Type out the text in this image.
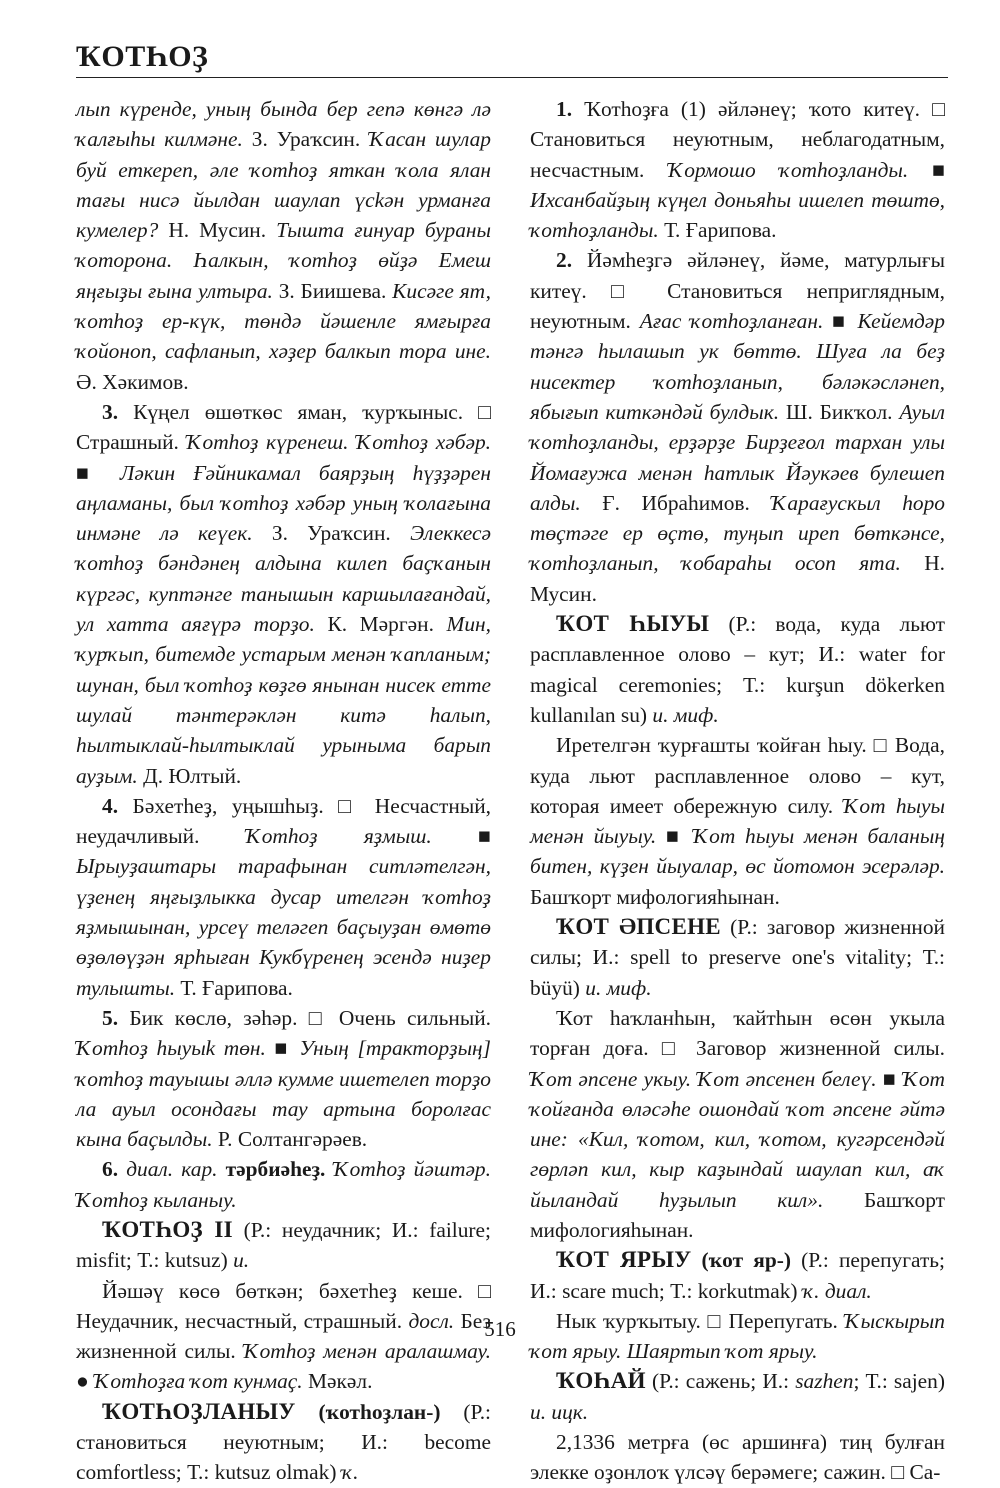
ҠОТҺОҘ

лып күрендe, уның бында бер гenә көнгә лә ҡалғыһы килмәне. З. Ураҡсин. Ҡасан шулар буй еткереп, әле ҡотһоҙ яткан ҡола ялан тағы нисә йылдан шаулап үсkән урманға кумелер? Н. Мусин. Тышта ғинуар бураны ҡоторона. Һалкын, ҡотһоҙ өйҙә Емеш яңғыҙы ғына ултыра. З. Биишева. Кисәгe ят, ҡотһоҙ ер-күк, төндә йәшенле ямғырға ҡойонoп, сафланып, хәҙер балкып тора инe. Ә. Хәкимов.

3. Күңел өшөткөс яман, ҡурҡыныс. □ Страшный. Ҡотһоҙ күренеш. Ҡотһоҙ хәбәр. ■ Ләкин Ғәйникамал баярҙың һүҙҙәрен аңламаны, был ҡотһоҙ хәбәр уның ҡолағына инмәне лә кеүек. З. Ураҡсин. Элеккесә ҡотһоҙ бәндәнең алдына килеп баҫҡанын күргәс, куптәнге танышын каршылағандай, ул хатта аяғүрә торҙо. К. Мәргән. Мин, ҡурҡып, битемде устарым менән ҡапланым; шунан, был ҡотһоҙ көҙгө янынан нисек етте шулай тәнтерәклән китә һалып, һылтыклай-һылтыклай урыныма барып ауҙым. Д. Юлтый.

4. Бәхетһеҙ, уңышһыҙ. □ Несчастный, неудачливый. Ҡотһоҙ яҙмыш. ■ Ырыуҙаштары тарафынан ситләтелгән, үҙенең яңғыҙлыкка дусар ителгән ҡотһоҙ яҙмышынан, урсеү теләгеn баҫыуҙан өмөтө өҙөлөүҙән ярһыған Кукбүренең эсендә ниҙер тулышты. Т. Ғарипова.

5. Бик көслө, зәһәр. □ Очень сильный. Ҡотһоҙ һыуыk төн. ■ Уның [тракторҙың] ҡотһоҙ тауышы әллә кумме ишетелеп торҙо ла ауыл осондағы тау артына боролғас кына баҫылды. Р. Солтангәрәев.

6. диал. кар. тәрбиәһеҙ. Ҡотһоҙ йәштәр. Ҡотһоҙ кыланыу.

ҠОТҺОҘ II (Р.: неудачник; И.: failure; misfit; Т.: kutsuz) и.

Йәшәү көсө бөткән; бәхетһеҙ кеше. □ Неудачник, несчастный, страшный. досл. Без жизненной силы. Ҡотһоҙ менән аралашмау. ● Ҡотһоҙға ҡот кунмаҫ. Мәкәл.

ҠОТҺОҘЛАНЫУ (ҡотһоҙлан-) (Р.: становиться неуютным; И.: become comfortless; Т.: kutsuz olmak) ҡ.

1. Ҡотһоҙға (1) әйләнеү; ҡото китеү. □ Становиться неуютным, неблагодатным, несчастным. Ҡормошо ҡотһоҙланды. ■ Ихсанбайҙың күңел доньяһы ишелеп төштө, ҡотһоҙланды. Т. Ғарипова.

2. Йәмһеҙгә әйләнеү, йәме, матурлығы китеү. □ Становиться неприглядным, неуютным. Ағас ҡотһоҙланған. ■ Кейемдәр тәнгә һылашып ук бөттө. Шуға ла беҙ нисектер ҡотһоҙланып, бәләкәсләнеп, ябығып киткәндәй булдык. Ш. Бикҡол. Ауыл ҡотһоҙланды, ерҙәрҙе Бирҙеғол тархан улы Йомағужа менән һатлык Йәукәев булешеп алды. Ғ. Ибраһимов. Ҡарағускыл һоро төҫтәге ер өҫтө, туңып иреп бөткәнсе, ҡотһоҙланып, ҡобараһы осоп ята. Н. Мусин.

ҠОТ ҺЫУЫ (Р.: вода, куда льют расплавленное олово – кут; И.: water for magical ceremonies; Т.: kurşun dökerken kullanılan su) и. миф.

Иретелгән ҡурғашты ҡойған һыу. □ Вода, куда льют расплавленное олово – кут, которая имеет обережную силу. Ҡот һыуы менән йыуыу. ■ Ҡот һыуы менән баланың битен, күҙен йыуалар, өс йотомон эсерәләр. Башҡорт мифологияһынан.

ҠОТ ӘПСЕНЕ (Р.: заговор жизненной силы; И.: spell to preserve one's vitality; Т.: büyü) и. миф.

Ҡот һаҡланһын, ҡайтһын өсөн укыла торған доға. □ Заговор жизненной силы. Ҡот әпсене укыу. Ҡот әпсенен белеү. ■ Ҡот ҡойғанда өләсәһе ошондай ҡот әпсене әйтә ине: «Кил, ҡотом, кил, ҡотом, кугәрсендәй гөрләп кил, кыр каҙындай шаулап кил, аҡ йыландай һуҙылып кил». Башҡорт мифологияһынан.

ҠОТ ЯРЫУ (ҡот яр-) (Р.: перепугать; И.: scare much; Т.: korkutmak) ҡ. диал.

Нык ҡурҡытыу. □ Перепугать. Ҡыскырып ҡот ярыу. Шаяртып ҡот ярыу.

ҠОҺАЙ (Р.: сажень; И.: sazhen; Т.: sajen) и. ицк.

2,1336 метрға (өс аршинға) тиң булған элекке оҙонлоҡ үлсәү берәмегe; сажин. □ Са-

516
